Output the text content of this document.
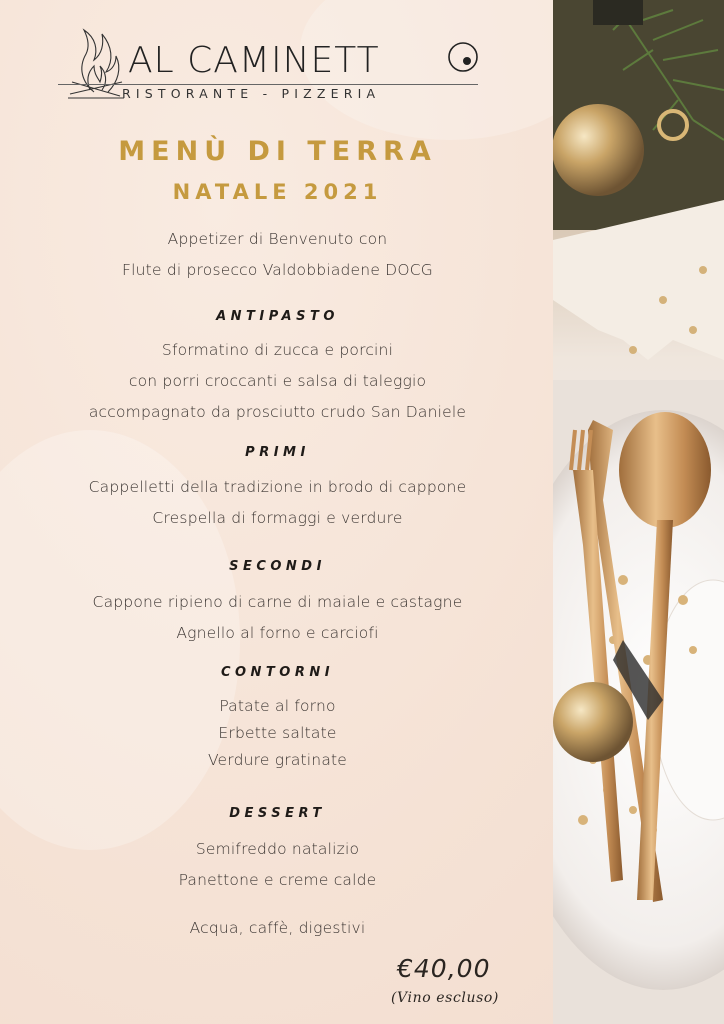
AL CAMINETT
RISTORANTE - PIZZERIA
MENÙ DI TERRA
NATALE 2021
Appetizer di Benvenuto con
Flute di prosecco Valdobbiadene DOCG
ANTIPASTO
Sformatino di zucca e porcini
con porri croccanti e salsa di taleggio
accompagnato da prosciutto crudo San Daniele
PRIMI
Cappelletti della tradizione in brodo di cappone
Crespella di formaggi e verdure
SECONDI
Cappone ripieno di carne di maiale e castagne
Agnello al forno e carciofi
CONTORNI
Patate al forno
Erbette saltate
Verdure gratinate
DESSERT
Semifreddo natalizio
Panettone e creme calde
Acqua, caffè, digestivi
€40,00
(Vino escluso)
